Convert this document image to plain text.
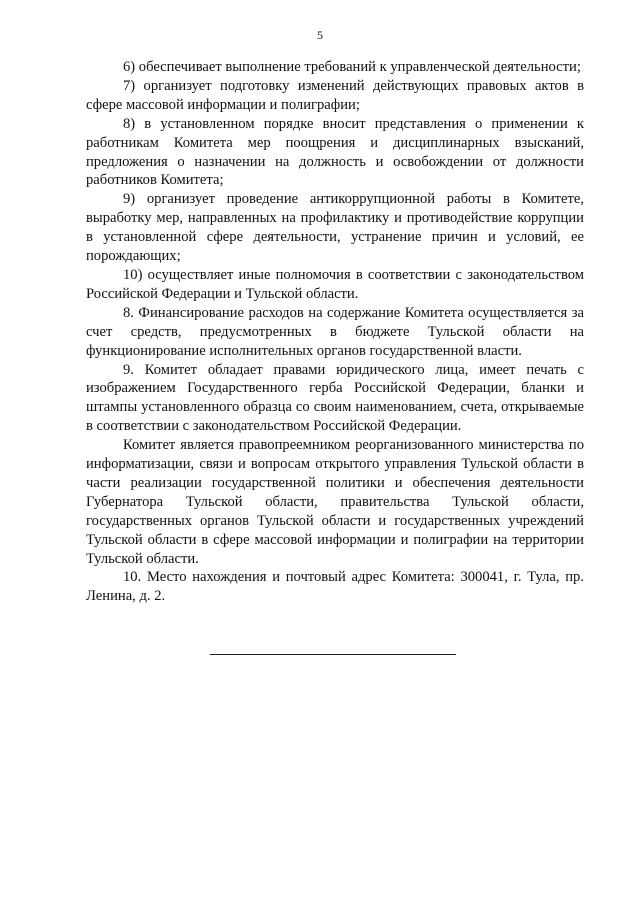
5

6) обеспечивает выполнение требований к управленческой деятельности;

7) организует подготовку изменений действующих правовых актов в сфере массовой информации и полиграфии;

8) в установленном порядке вносит представления о применении к работникам Комитета мер поощрения и дисциплинарных взысканий, предложения о назначении на должность и освобождении от должности работников Комитета;

9) организует проведение антикоррупционной работы в Комитете, выработку мер, направленных на профилактику и противодействие коррупции в установленной сфере деятельности, устранение причин и условий, ее порождающих;

10) осуществляет иные полномочия в соответствии с законодательством Российской Федерации и Тульской области.

8. Финансирование расходов на содержание Комитета осуществляется за счет средств, предусмотренных в бюджете Тульской области на функционирование исполнительных органов государственной власти.

9. Комитет обладает правами юридического лица, имеет печать с изображением Государственного герба Российской Федерации, бланки и штампы установленного образца со своим наименованием, счета, открываемые в соответствии с законодательством Российской Федерации.

Комитет является правопреемником реорганизованного министерства по информатизации, связи и вопросам открытого управления Тульской области в части реализации государственной политики и обеспечения деятельности Губернатора Тульской области, правительства Тульской области, государственных органов Тульской области и государственных учреждений Тульской области в сфере массовой информации и полиграфии на территории Тульской области.

10. Место нахождения и почтовый адрес Комитета: 300041, г. Тула, пр. Ленина, д. 2.
